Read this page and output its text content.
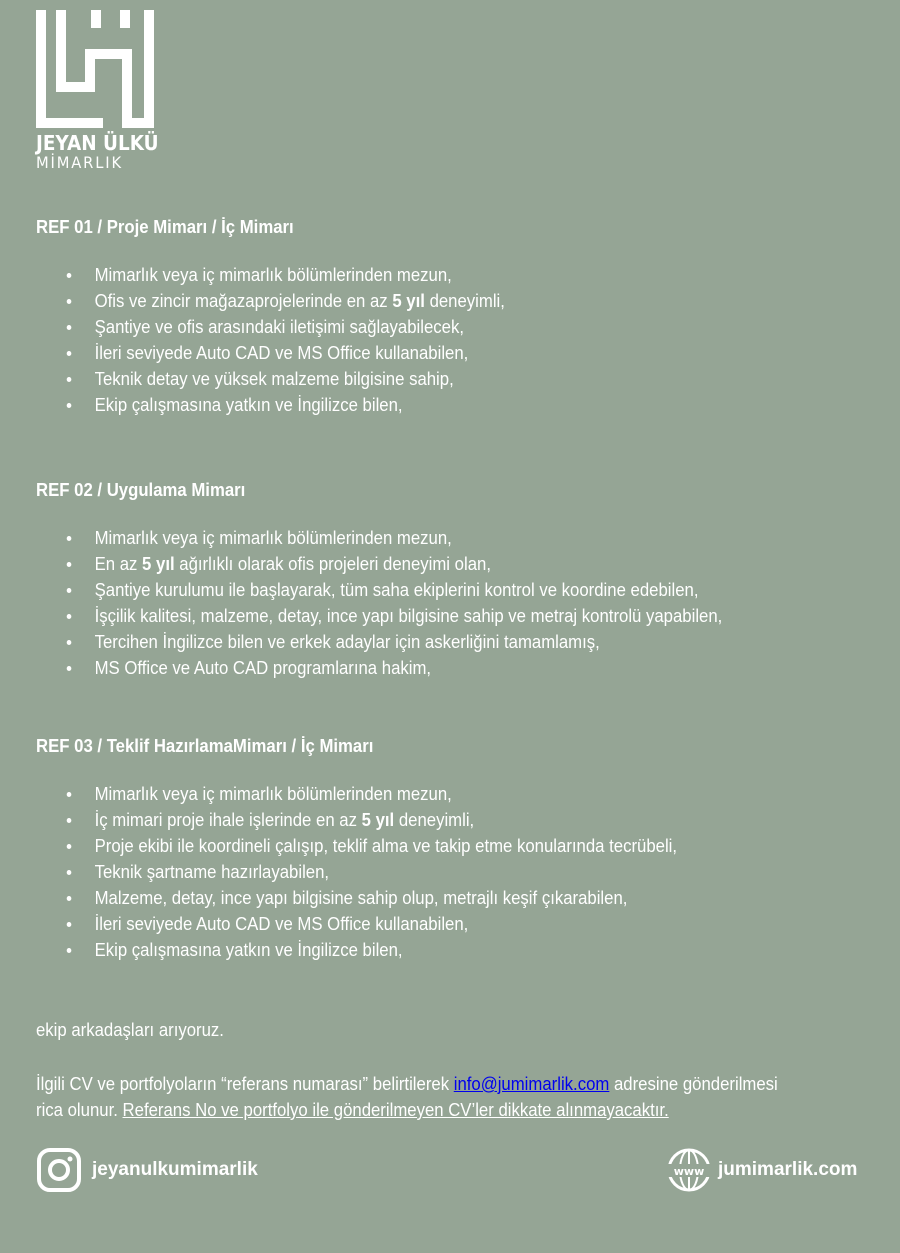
JEYAN ÜLKÜ
MİMARLIK
REF 01 / Proje Mimarı / İç Mimarı
Mimarlık veya iç mimarlık bölümlerinden mezun,
Ofis ve zincir mağazaprojelerinde en az 5 yıl deneyimli,
Şantiye ve ofis arasındaki iletişimi sağlayabilecek,
İleri seviyede Auto CAD ve MS Office kullanabilen,
Teknik detay ve yüksek malzeme bilgisine sahip,
Ekip çalışmasına yatkın ve İngilizce bilen,
REF 02 / Uygulama Mimarı
Mimarlık veya iç mimarlık bölümlerinden mezun,
En az 5 yıl ağırlıklı olarak ofis projeleri deneyimi olan,
Şantiye kurulumu ile başlayarak, tüm saha ekiplerini kontrol ve koordine edebilen,
İşçilik kalitesi, malzeme, detay, ince yapı bilgisine sahip ve metraj kontrolü yapabilen,
Tercihen İngilizce bilen ve erkek adaylar için askerliğini tamamlamış,
MS Office ve Auto CAD programlarına hakim,
REF 03 / Teklif HazırlamaMimarı / İç Mimarı
Mimarlık veya iç mimarlık bölümlerinden mezun,
İç mimari proje ihale işlerinde en az 5 yıl deneyimli,
Proje ekibi ile koordineli çalışıp, teklif alma ve takip etme konularında tecrübeli,
Teknik şartname hazırlayabilen,
Malzeme, detay, ince yapı bilgisine sahip olup, metrajlı keşif çıkarabilen,
İleri seviyede Auto CAD ve MS Office kullanabilen,
Ekip çalışmasına yatkın ve İngilizce bilen,
ekip arkadaşları arıyoruz.
İlgili CV ve portfolyoların “referans numarası” belirtilerek info@jumimarlik.com adresine gönderilmesi
rica olunur. Referans No ve portfolyo ile gönderilmeyen CV’ler dikkate alınmayacaktır.
jeyanulkumimarlik	www jumimarlik.com
